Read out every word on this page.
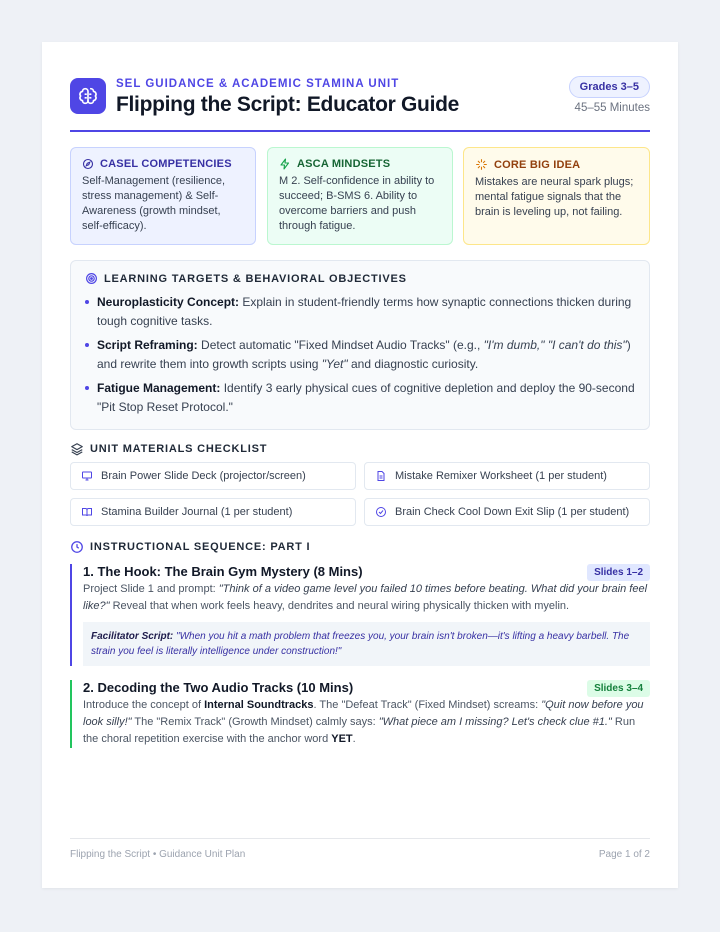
SEL GUIDANCE & ACADEMIC STAMINA UNIT
Flipping the Script: Educator Guide
Grades 3–5
45–55 Minutes
CASEL COMPETENCIES
Self-Management (resilience, stress management) & Self-Awareness (growth mindset, self-efficacy).
ASCA MINDSETS
M 2. Self-confidence in ability to succeed; B-SMS 6. Ability to overcome barriers and push through fatigue.
CORE BIG IDEA
Mistakes are neural spark plugs; mental fatigue signals that the brain is leveling up, not failing.
LEARNING TARGETS & BEHAVIORAL OBJECTIVES
Neuroplasticity Concept: Explain in student-friendly terms how synaptic connections thicken during tough cognitive tasks.
Script Reframing: Detect automatic "Fixed Mindset Audio Tracks" (e.g., "I'm dumb," "I can't do this") and rewrite them into growth scripts using "Yet" and diagnostic curiosity.
Fatigue Management: Identify 3 early physical cues of cognitive depletion and deploy the 90-second "Pit Stop Reset Protocol."
UNIT MATERIALS CHECKLIST
Brain Power Slide Deck (projector/screen)	Mistake Remixer Worksheet (1 per student)
Stamina Builder Journal (1 per student)	Brain Check Cool Down Exit Slip (1 per student)
INSTRUCTIONAL SEQUENCE: PART I
1. The Hook: The Brain Gym Mystery (8 Mins)	Slides 1–2
Project Slide 1 and prompt: "Think of a video game level you failed 10 times before beating. What did your brain feel like?" Reveal that when work feels heavy, dendrites and neural wiring physically thicken with myelin.
Facilitator Script: "When you hit a math problem that freezes you, your brain isn't broken—it's lifting a heavy barbell. The strain you feel is literally intelligence under construction!"
2. Decoding the Two Audio Tracks (10 Mins)	Slides 3–4
Introduce the concept of Internal Soundtracks. The "Defeat Track" (Fixed Mindset) screams: "Quit now before you look silly!" The "Remix Track" (Growth Mindset) calmly says: "What piece am I missing? Let's check clue #1." Run the choral repetition exercise with the anchor word YET.
Flipping the Script • Guidance Unit Plan	Page 1 of 2
